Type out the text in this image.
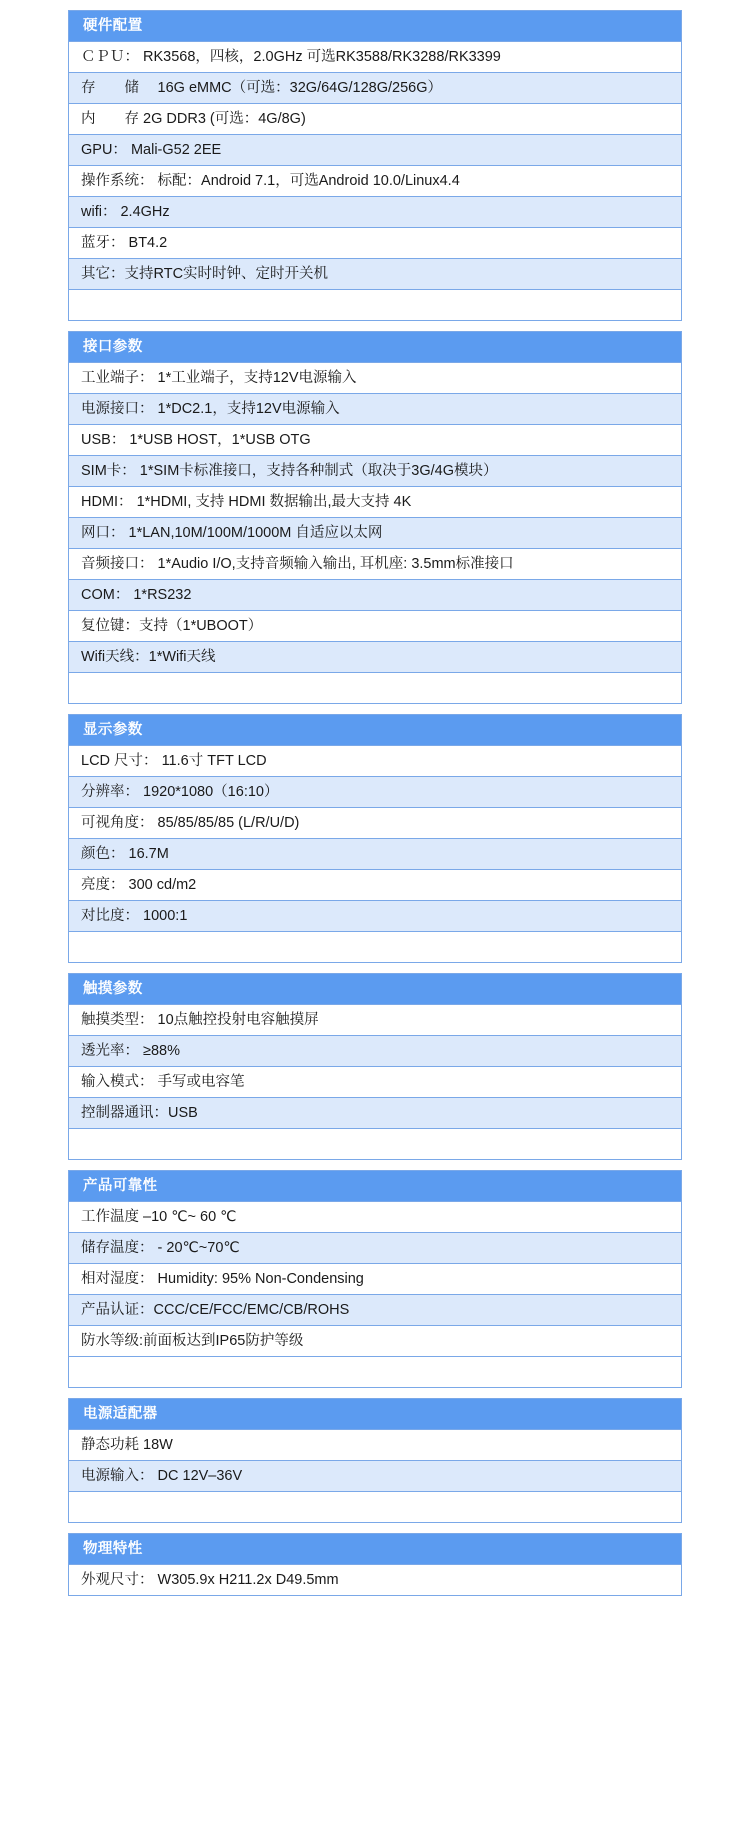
硬件配置

ＣＰＵ： RK3568，四核，2.0GHz 可选RK3588/RK3288/RK3399

存　　储　 16G eMMC（可选：32G/64G/128G/256G）

内　　存 2G DDR3 (可选：4G/8G)

GPU： Mali-G52 2EE

操作系统： 标配：Android 7.1，可选Android 10.0/Linux4.4

wifi： 2.4GHz

蓝牙： BT4.2

其它：支持RTC实时时钟、定时开关机

接口参数

工业端子： 1*工业端子，支持12V电源输入

电源接口： 1*DC2.1，支持12V电源输入

USB： 1*USB HOST，1*USB OTG

SIM卡： 1*SIM卡标准接口，支持各种制式（取决于3G/4G模块）

HDMI： 1*HDMI, 支持 HDMI 数据输出,最大支持 4K

网口： 1*LAN,10M/100M/1000M 自适应以太网

音频接口： 1*Audio I/O,支持音频输入输出, 耳机座: 3.5mm标准接口

COM： 1*RS232

复位键：支持（1*UBOOT）

Wifi天线：1*Wifi天线

显示参数

LCD 尺寸： 11.6寸 TFT LCD

分辨率： 1920*1080（16:10）

可视角度： 85/85/85/85 (L/R/U/D)

颜色： 16.7M

亮度： 300 cd/m2

对比度： 1000:1

触摸参数

触摸类型： 10点触控投射电容触摸屏

透光率： ≥88%

输入模式： 手写或电容笔

控制器通讯：USB

产品可靠性

工作温度 –10 ℃~ 60 ℃

储存温度： - 20℃~70℃

相对湿度： Humidity: 95% Non-Condensing

产品认证：CCC/CE/FCC/EMC/CB/ROHS

防水等级:前面板达到IP65防护等级

电源适配器

静态功耗 18W

电源输入： DC 12V–36V

物理特性

外观尺寸： W305.9x H211.2x D49.5mm
